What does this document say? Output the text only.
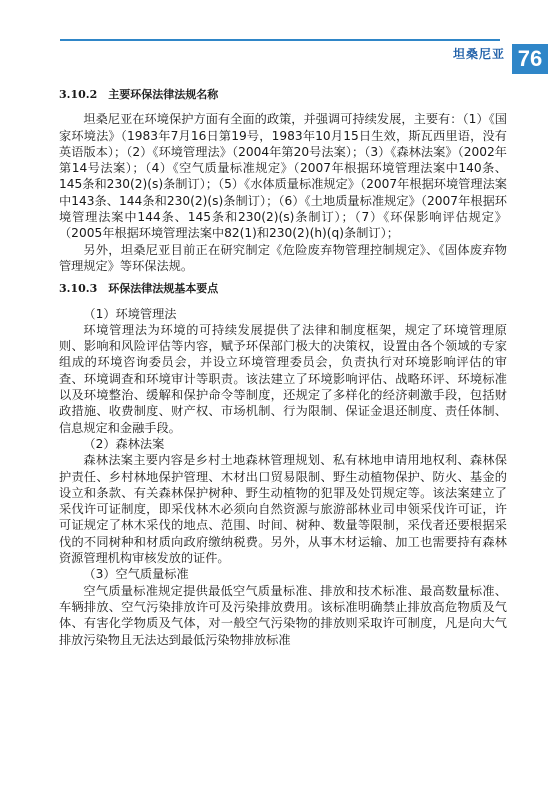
坦桑尼亚 76

3.10.2　主要环保法律法规名称

坦桑尼亚在环境保护方面有全面的政策，并强调可持续发展，主要有：（1）《国家环境法》（1983年7月16日第19号，1983年10月15日生效，斯瓦西里语，没有英语版本）；（2）《环境管理法》（2004年第20号法案）；（3）《森林法案》（2002年第14号法案）；（4）《空气质量标准规定》（2007年根据环境管理法案中140条、145条和230(2)(s)条制订）；（5）《水体质量标准规定》（2007年根据环境管理法案中143条、144条和230(2)(s)条制订）；（6）《土地质量标准规定》（2007年根据环境管理法案中144条、145条和230(2)(s)条制订）；（7）《环保影响评估规定》（2005年根据环境管理法案中82(1)和230(2)(h)(q)条制订）；

另外，坦桑尼亚目前正在研究制定《危险废弃物管理控制规定》、《固体废弃物管理规定》等环保法规。

3.10.3　环保法律法规基本要点

（1）环境管理法

环境管理法为环境的可持续发展提供了法律和制度框架，规定了环境管理原则、影响和风险评估等内容，赋予环保部门极大的决策权，设置由各个领域的专家组成的环境咨询委员会，并设立环境管理委员会，负责执行对环境影响评估的审查、环境调查和环境审计等职责。该法建立了环境影响评估、战略环评、环境标准以及环境整治、缓解和保护命令等制度，还规定了多样化的经济刺激手段，包括财政措施、收费制度、财产权、市场机制、行为限制、保证金退还制度、责任体制、信息规定和金融手段。

（2）森林法案

森林法案主要内容是乡村土地森林管理规划、私有林地申请用地权利、森林保护责任、乡村林地保护管理、木材出口贸易限制、野生动植物保护、防火、基金的设立和条款、有关森林保护树种、野生动植物的犯罪及处罚规定等。该法案建立了采伐许可证制度，即采伐林木必须向自然资源与旅游部林业司申领采伐许可证，许可证规定了林木采伐的地点、范围、时间、树种、数量等限制，采伐者还要根据采伐的不同树种和材质向政府缴纳税费。另外，从事木材运输、加工也需要持有森林资源管理机构审核发放的证件。

（3）空气质量标准

空气质量标准规定提供最低空气质量标准、排放和技术标准、最高数量标准、车辆排放、空气污染排放许可及污染排放费用。该标准明确禁止排放高危物质及气体、有害化学物质及气体，对一般空气污染物的排放则采取许可制度，凡是向大气排放污染物且无法达到最低污染物排放标准
